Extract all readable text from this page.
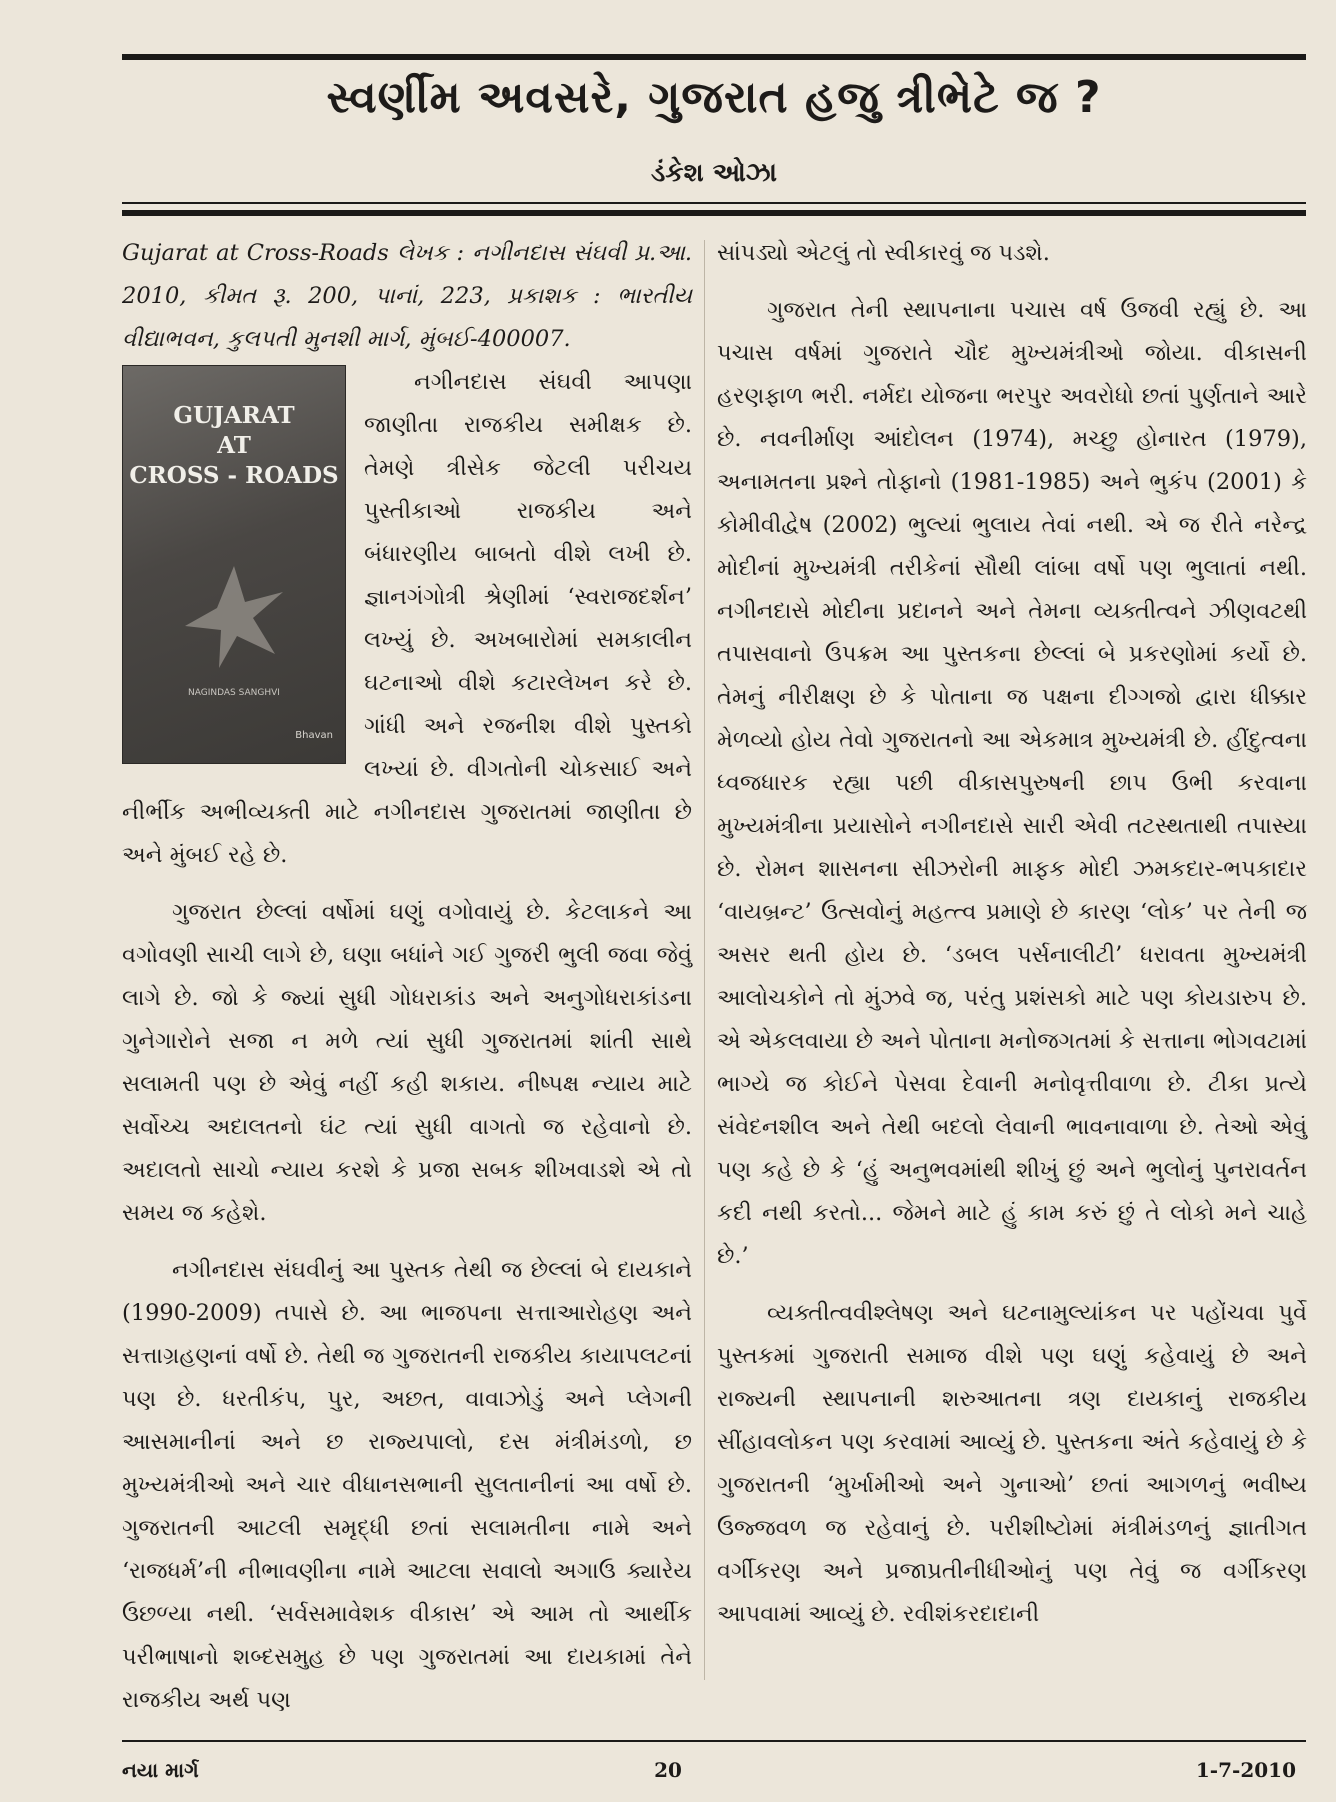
સ્વર્ણીમ અવસરે, ગુજરાત હજુ ત્રીભેટે જ ?
ડંકેશ ઓઝા

Gujarat at Cross-Roads લેખક : નગીનદાસ સંઘવી પ્ર.આ. 2010, કીમત રૂ. 200, પાનાં, 223, પ્રકાશક : ભારતીય વીદ્યાભવન, કુલપતી મુનશી માર્ગ, મુંબઈ-400007.

GUJARAT
AT
CROSS - ROADS
NAGINDAS SANGHVI
Bhavan

નગીનદાસ સંઘવી આપણા જાણીતા રાજકીય સમીક્ષક છે. તેમણે ત્રીસેક જેટલી પરીચય પુસ્તીકાઓ રાજકીય અને બંધારણીય બાબતો વીશે લખી છે. જ્ઞાનગંગોત્રી શ્રેણીમાં ‘સ્વરાજદર્શન’ લખ્યું છે. અખબારોમાં સમકાલીન ઘટનાઓ વીશે કટારલેખન કરે છે. ગાંધી અને રજનીશ વીશે પુસ્તકો લખ્યાં છે. વીગતોની ચોકસાઈ અને નીર્ભીક અભીવ્યક્તી માટે નગીનદાસ ગુજરાતમાં જાણીતા છે અને મુંબઈ રહે છે.

ગુજરાત છેલ્લાં વર્ષોમાં ઘણું વગોવાયું છે. કેટલાકને આ વગોવણી સાચી લાગે છે, ઘણા બધાંને ગઈ ગુજરી ભુલી જવા જેવું લાગે છે. જો કે જ્યાં સુધી ગોધરાકાંડ અને અનુગોધરાકાંડના ગુનેગારોને સજા ન મળે ત્યાં સુધી ગુજરાતમાં શાંતી સાથે સલામતી પણ છે એવું નહીં કહી શકાય. નીષ્પક્ષ ન્યાય માટે સર્વોચ્ચ અદાલતનો ઘંટ ત્યાં સુધી વાગતો જ રહેવાનો છે. અદાલતો સાચો ન્યાય કરશે કે પ્રજા સબક શીખવાડશે એ તો સમય જ કહેશે.

નગીનદાસ સંઘવીનું આ પુસ્તક તેથી જ છેલ્લાં બે દાયકાને (1990-2009) તપાસે છે. આ ભાજપના સત્તાઆરોહણ અને સત્તાગ્રહણનાં વર્ષો છે. તેથી જ ગુજરાતની રાજકીય કાયાપલટનાં પણ છે. ધરતીકંપ, પુર, અછત, વાવાઝોડું અને પ્લેગની આસમાનીનાં અને છ રાજ્યપાલો, દસ મંત્રીમંડળો, છ મુખ્યમંત્રીઓ અને ચાર વીધાનસભાની સુલતાનીનાં આ વર્ષો છે. ગુજરાતની આટલી સમૃદ્ધી છતાં સલામતીના નામે અને ‘રાજધર્મ’ની નીભાવણીના નામે આટલા સવાલો અગાઉ ક્યારેય ઉછળ્યા નથી. ‘સર્વસમાવેશક વીકાસ’ એ આમ તો આર્થીક પરીભાષાનો શબ્દસમુહ છે પણ ગુજરાતમાં આ દાયકામાં તેને રાજકીય અર્થ પણ

સાંપડ્યો એટલું તો સ્વીકારવું જ પડશે.

ગુજરાત તેની સ્થાપનાના પચાસ વર્ષ ઉજવી રહ્યું છે. આ પચાસ વર્ષમાં ગુજરાતે ચૌદ મુખ્યમંત્રીઓ જોયા. વીકાસની હરણફાળ ભરી. નર્મદા યોજના ભરપુર અવરોધો છતાં પુર્ણતાને આરે છે. નવનીર્માણ આંદોલન (1974), મચ્છુ હોનારત (1979), અનામતના પ્રશ્ને તોફાનો (1981-1985) અને ભુકંપ (2001) કે કોમીવીદ્વેષ (2002) ભુલ્યાં ભુલાય તેવાં નથી. એ જ રીતે નરેન્દ્ર મોદીનાં મુખ્યમંત્રી તરીકેનાં સૌથી લાંબા વર્ષો પણ ભુલાતાં નથી. નગીનદાસે મોદીના પ્રદાનને અને તેમના વ્યક્તીત્વને ઝીણવટથી તપાસવાનો ઉપક્રમ આ પુસ્તકના છેલ્લાં બે પ્રકરણોમાં કર્યો છે. તેમનું નીરીક્ષણ છે કે પોતાના જ પક્ષના દીગ્ગજો દ્વારા ધીક્કાર મેળવ્યો હોય તેવો ગુજરાતનો આ એકમાત્ર મુખ્યમંત્રી છે. હીંદુત્વના ધ્વજધારક રહ્યા પછી વીકાસપુરુષની છાપ ઉભી કરવાના મુખ્યમંત્રીના પ્રયાસોને નગીનદાસે સારી એવી તટસ્થતાથી તપાસ્યા છે. રોમન શાસનના સીઝરોની માફક મોદી ઝમકદાર-ભપકાદાર ‘વાયબ્રન્ટ’ ઉત્સવોનું મહત્ત્વ પ્રમાણે છે કારણ ‘લોક’ પર તેની જ અસર થતી હોય છે. ‘ડબલ પર્સનાલીટી’ ધરાવતા મુખ્યમંત્રી આલોચકોને તો મુંઝવે જ, પરંતુ પ્રશંસકો માટે પણ કોયડારુપ છે. એ એકલવાયા છે અને પોતાના મનોજગતમાં કે સત્તાના ભોગવટામાં ભાગ્યે જ કોઈને પેસવા દેવાની મનોવૃત્તીવાળા છે. ટીકા પ્રત્યે સંવેદનશીલ અને તેથી બદલો લેવાની ભાવનાવાળા છે. તેઓ એવું પણ કહે છે કે ‘હું અનુભવમાંથી શીખું છું અને ભુલોનું પુનરાવર્તન કદી નથી કરતો... જેમને માટે હું કામ કરું છું તે લોકો મને ચાહે છે.’

વ્યક્તીત્વવીશ્લેષણ અને ઘટનામુલ્યાંકન પર પહોંચવા પુર્વે પુસ્તકમાં ગુજરાતી સમાજ વીશે પણ ઘણું કહેવાયું છે અને રાજ્યની સ્થાપનાની શરુઆતના ત્રણ દાયકાનું રાજકીય સીંહાવલોકન પણ કરવામાં આવ્યું છે. પુસ્તકના અંતે કહેવાયું છે કે ગુજરાતની ‘મુર્ખામીઓ અને ગુનાઓ’ છતાં આગળનું ભવીષ્ય ઉજ્જવળ જ રહેવાનું છે. પરીશીષ્ટોમાં મંત્રીમંડળનું જ્ઞાતીગત વર્ગીકરણ અને પ્રજાપ્રતીનીધીઓનું પણ તેવું જ વર્ગીકરણ આપવામાં આવ્યું છે. રવીશંકરદાદાની

નયા માર્ગ	20	1-7-2010
